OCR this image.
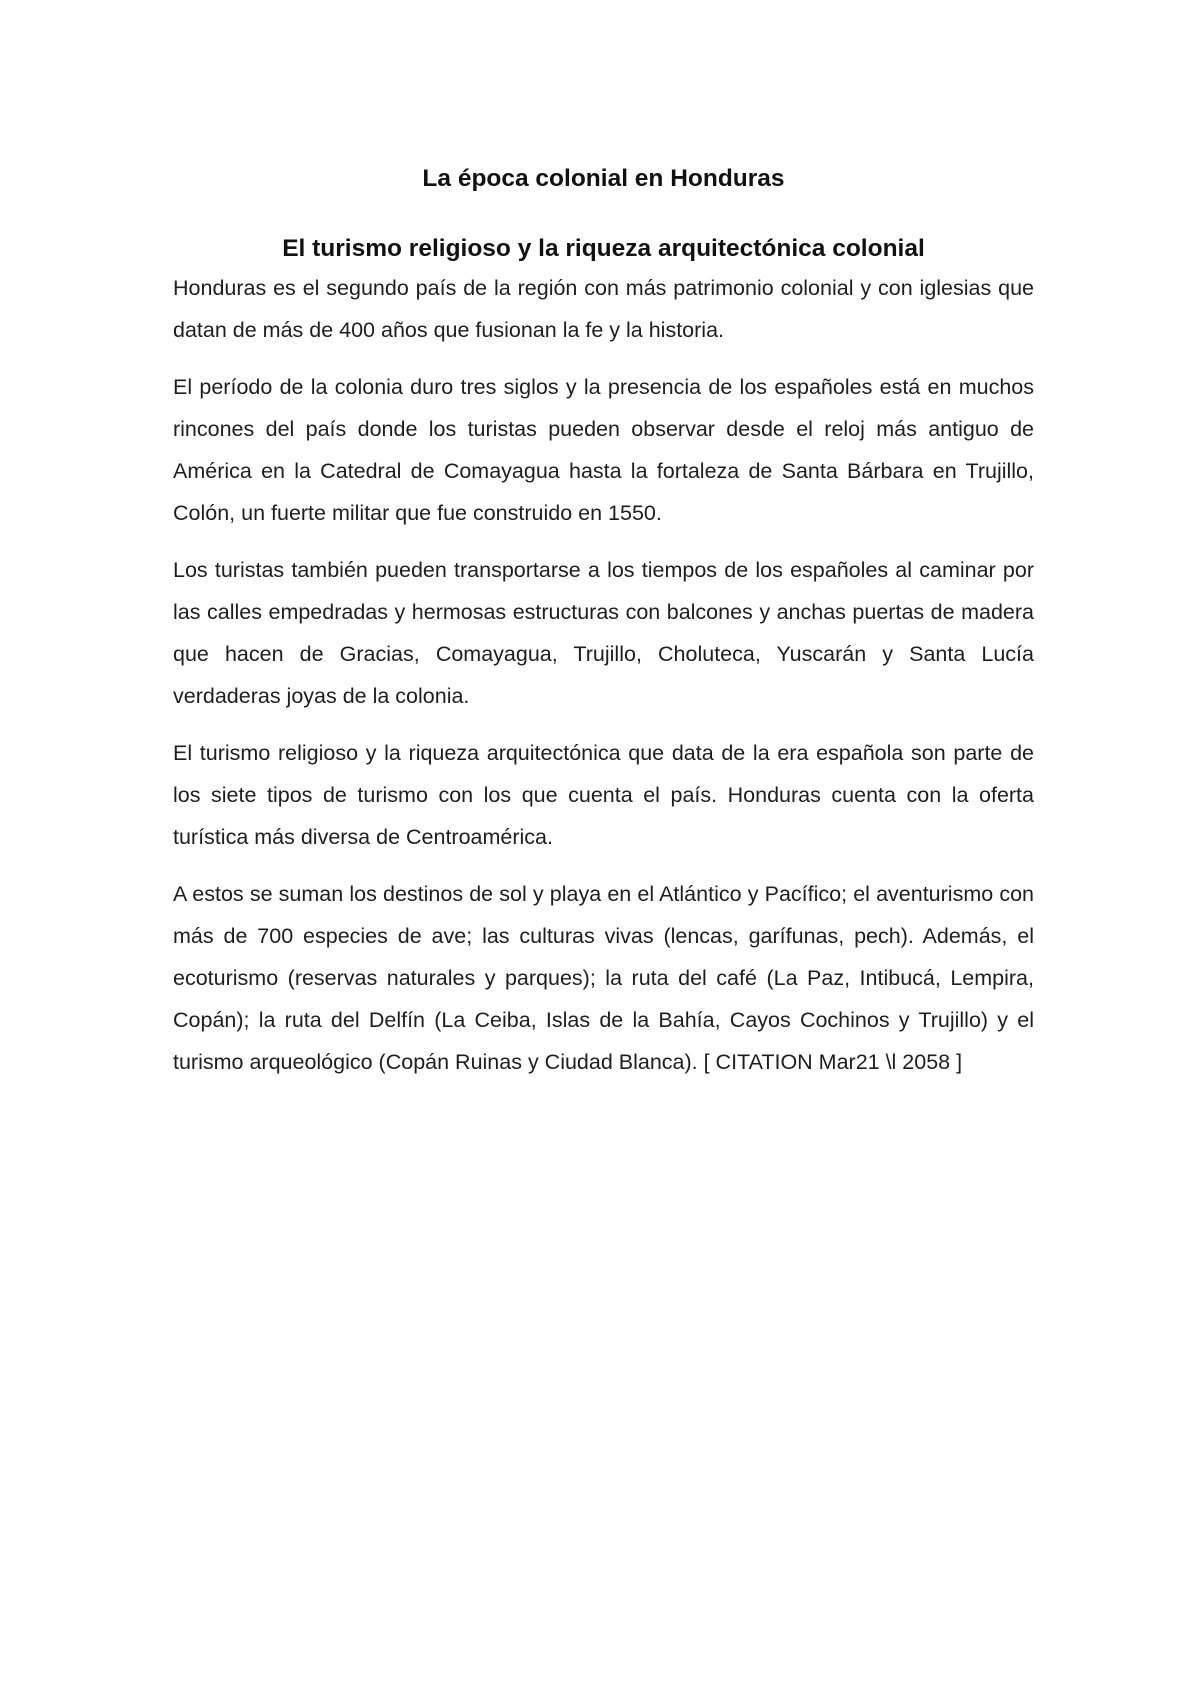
La época colonial en Honduras
El turismo religioso y la riqueza arquitectónica colonial

Honduras es el segundo país de la región con más patrimonio colonial y con iglesias que datan de más de 400 años que fusionan la fe y la historia.

El período de la colonia duro tres siglos y la presencia de los españoles está en muchos rincones del país donde los turistas pueden observar desde el reloj más antiguo de América en la Catedral de Comayagua hasta la fortaleza de Santa Bárbara en Trujillo, Colón, un fuerte militar que fue construido en 1550.

Los turistas también pueden transportarse a los tiempos de los españoles al caminar por las calles empedradas y hermosas estructuras con balcones y anchas puertas de madera que hacen de Gracias, Comayagua, Trujillo, Choluteca, Yuscarán y Santa Lucía verdaderas joyas de la colonia.

El turismo religioso y la riqueza arquitectónica que data de la era española son parte de los siete tipos de turismo con los que cuenta el país. Honduras cuenta con la oferta turística más diversa de Centroamérica.

A estos se suman los destinos de sol y playa en el Atlántico y Pacífico; el aventurismo con más de 700 especies de ave; las culturas vivas (lencas, garífunas, pech). Además, el ecoturismo (reservas naturales y parques); la ruta del café (La Paz, Intibucá, Lempira, Copán); la ruta del Delfín (La Ceiba, Islas de la Bahía, Cayos Cochinos y Trujillo) y el turismo arqueológico (Copán Ruinas y Ciudad Blanca). [ CITATION Mar21 \l 2058 ]
